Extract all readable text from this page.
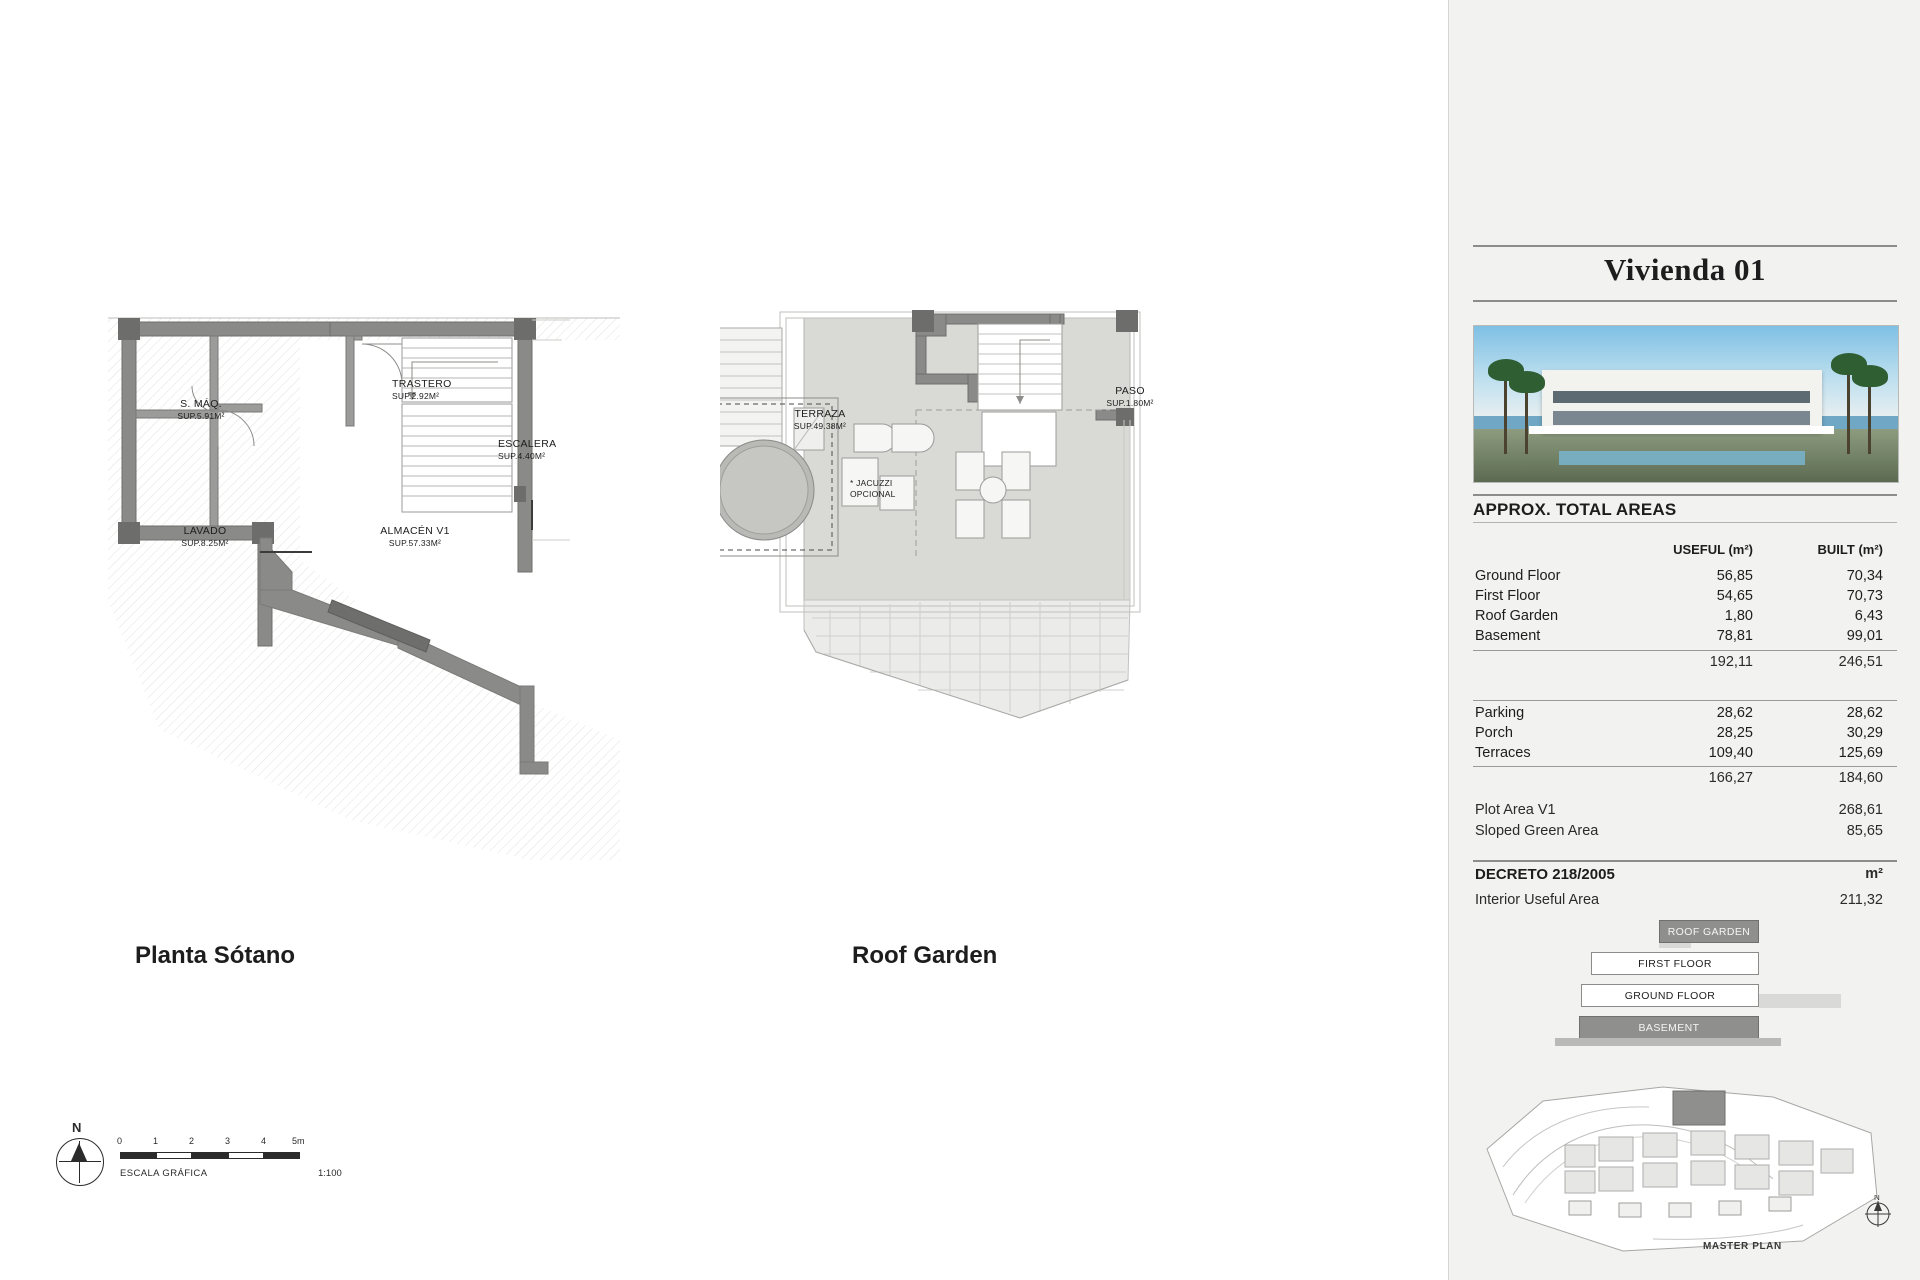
S. MÁQ.
SUP.5.91M²
TRASTERO
SUP.2.92M²
ESCALERA
SUP.4.40M²
LAVADO
SUP.8.25M²
ALMACÉN V1
SUP.57.33M²
Planta Sótano
TERRAZA
SUP.49.38M²
PASO
SUP.1.80M²
* JACUZZI
OPCIONAL
Roof Garden
N
0	1	2	3	4	5m
ESCALA GRÁFICA	1:100
Vivienda 01
APPROX. TOTAL AREAS
USEFUL (m²)	BUILT (m²)
Ground Floor	56,85	70,34
First Floor	54,65	70,73
Roof Garden	1,80	6,43
Basement	78,81	99,01
192,11	246,51
Parking	28,62	28,62
Porch	28,25	30,29
Terraces	109,40	125,69
166,27	184,60
Plot Area V1	268,61
Sloped Green Area	85,65
DECRETO 218/2005	m²
Interior Useful Area	211,32
ROOF GARDEN
FIRST FLOOR
GROUND FLOOR
BASEMENT
MASTER PLAN
N
